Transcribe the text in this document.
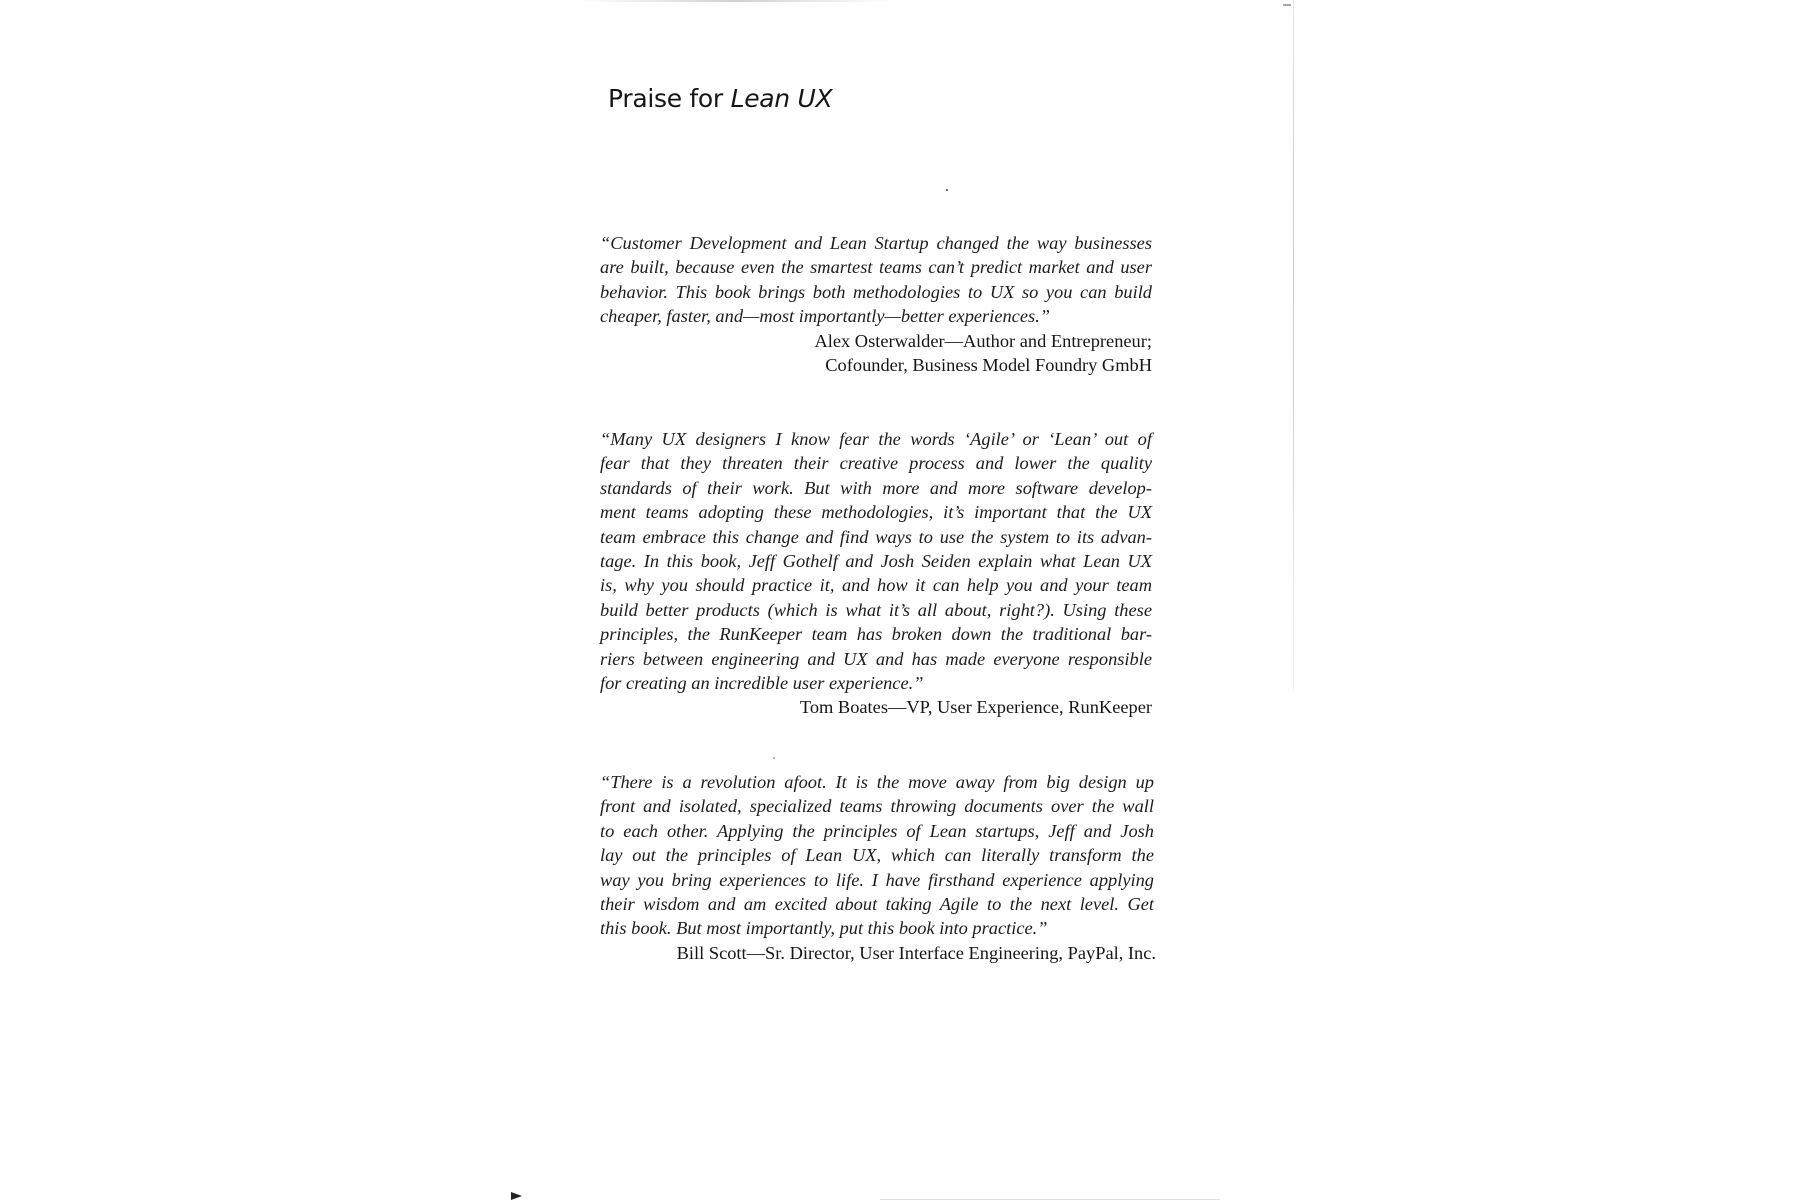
Praise for Lean UX

“Customer Development and Lean Startup changed the way businesses
are built, because even the smartest teams can’t predict market and user
behavior. This book brings both methodologies to UX so you can build
cheaper, faster, and—most importantly—better experiences.”

Alex Osterwalder—Author and Entrepreneur;
Cofounder, Business Model Foundry GmbH

“Many UX designers I know fear the words ‘Agile’ or ‘Lean’ out of
fear that they threaten their creative process and lower the quality
standards of their work. But with more and more software develop-
ment teams adopting these methodologies, it’s important that the UX
team embrace this change and find ways to use the system to its advan-
tage. In this book, Jeff Gothelf and Josh Seiden explain what Lean UX
is, why you should practice it, and how it can help you and your team
build better products (which is what it’s all about, right?). Using these
principles, the RunKeeper team has broken down the traditional bar-
riers between engineering and UX and has made everyone responsible
for creating an incredible user experience.”

Tom Boates—VP, User Experience, RunKeeper

“There is a revolution afoot. It is the move away from big design up
front and isolated, specialized teams throwing documents over the wall
to each other. Applying the principles of Lean startups, Jeff and Josh
lay out the principles of Lean UX, which can literally transform the
way you bring experiences to life. I have firsthand experience applying
their wisdom and am excited about taking Agile to the next level. Get
this book. But most importantly, put this book into practice.”

Bill Scott—Sr. Director, User Interface Engineering, PayPal, Inc.
